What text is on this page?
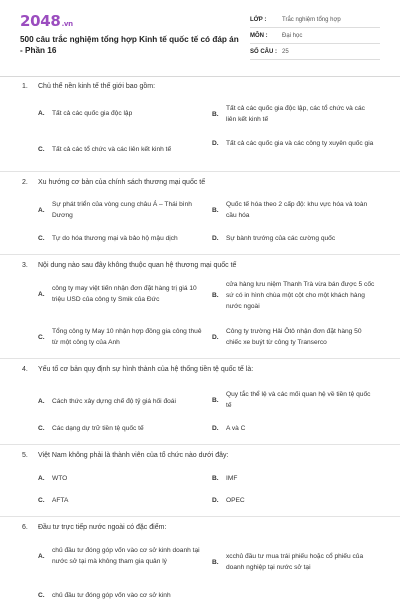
2048.vn
500 câu trắc nghiệm tổng hợp Kinh tế quốc tế có đáp án - Phần 16
LỚP :	Trắc nghiệm tổng hợp
MÔN :	Đại học
SỐ CÂU : 25
1. Chủ thể nền kinh tế thế giới bao gồm:
A.	Tất cả các quốc gia độc lập	B.
Tất cả các quốc gia độc lập, các tổ chức và các liên kết kinh tế
C.	Tất cả các tổ chức và các liên kết kinh tế
D.	Tất cả các quốc gia và các công ty xuyên quốc gia
2. Xu hướng cơ bản của chính sách thương mại quốc tế
A.
Sự phát triển của vòng cung châu Á – Thái bình Dương
B.
Quốc tế hóa theo 2 cấp độ: khu vực hóa và toàn cầu hóa
C.	Tự do hóa thương mại và bảo hộ mậu dịch	D.	Sự bành trướng của các cường quốc
3. Nội dung nào sau đây không thuộc quan hệ thương mại quốc tế
A.
công ty may việt tiến nhận đơn đặt hàng trị giá 10 triệu USD của công ty Smik của Đức
B.
cửa hàng lưu niệm Thanh Trà vừa bán được 5 cốc sứ có in hình chùa một cột cho một khách hàng nước ngoài
C.
Tổng công ty May 10 nhận hợp đồng gia công thuê từ một công ty của Anh
D.
Công ty trường Hải Ôtô nhận đơn đặt hàng 50 chiếc xe buýt từ công ty Transerco
4. Yếu tố cơ bản quy định sự hình thành của hệ thống tiền tệ quốc tế là:
A.	Cách thức xây dựng chế độ tỷ giá hối đoái	B.
Quy tắc thể lệ và các mối quan hệ về tiền tệ quốc tế
C.	Các dạng dự trữ tiền tệ quốc tế	D.	A và C
5. Việt Nam không phải là thành viên của tổ chức nào dưới đây:
A.	WTO	B.	IMF
C.	AFTA	D.	OPEC
6. Đầu tư trực tiếp nước ngoài có đặc điểm:
A.
chủ đầu tư đóng góp vốn vào cơ sở kinh doanh tại nước sở tại mà không tham gia quản lý	B.
xcchủ đầu tư mua trái phiếu hoặc cổ phiếu của doanh nghiệp tại nước sở tại
C.	chủ đầu tư đóng góp vốn vào cơ sở kinh
